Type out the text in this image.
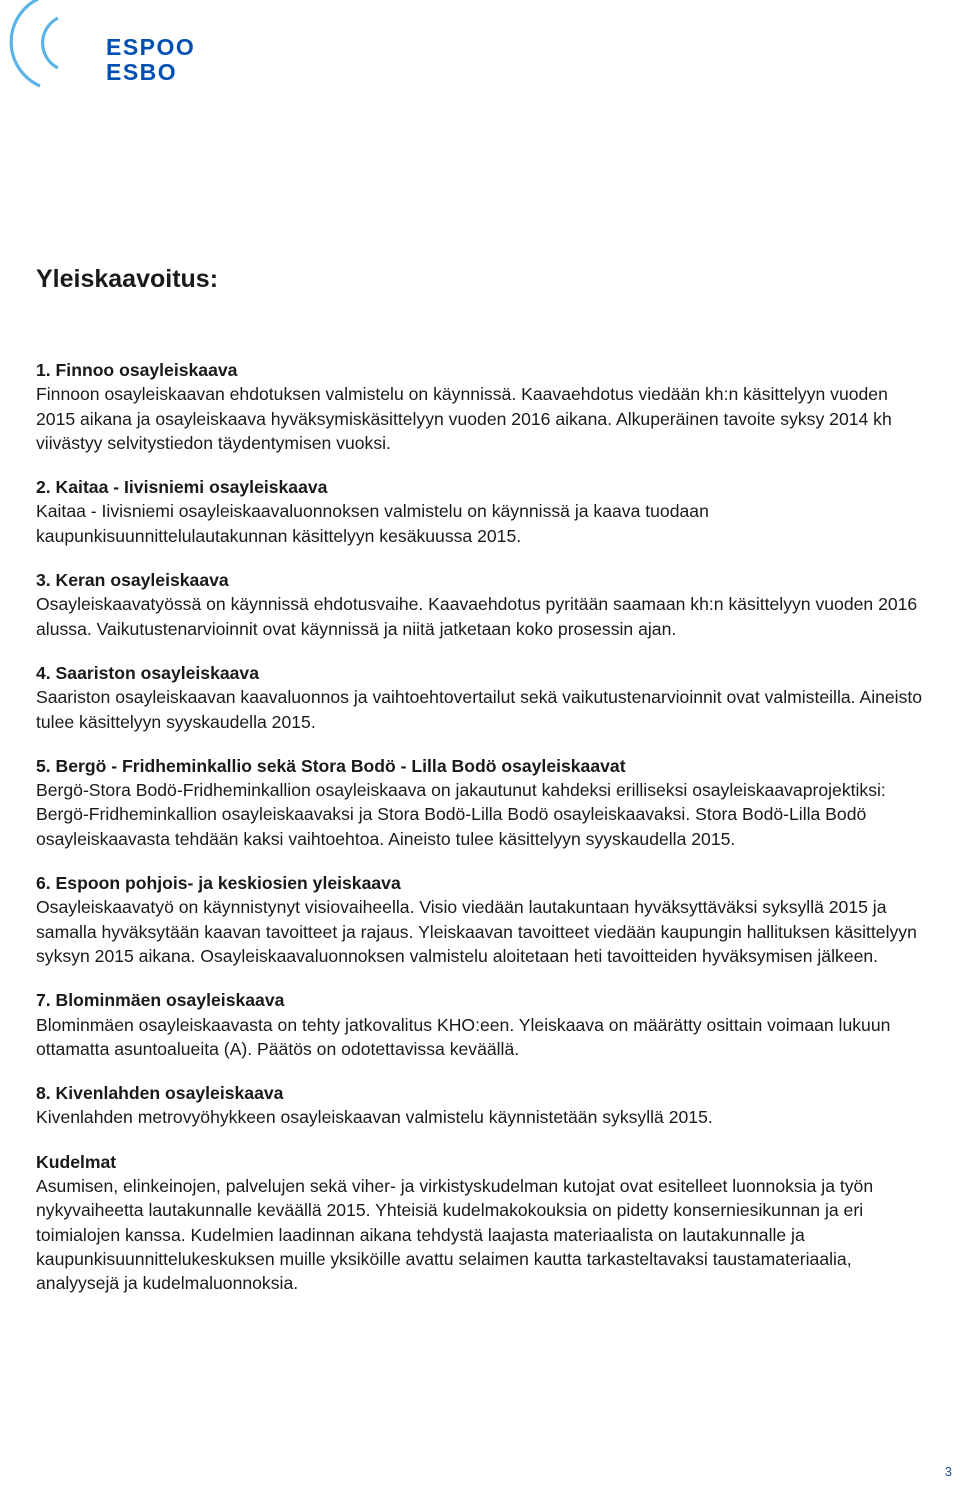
ESPOO
ESBO
Yleiskaavoitus:
1. Finnoo osayleiskaava
Finnoon osayleiskaavan ehdotuksen valmistelu on käynnissä. Kaavaehdotus viedään kh:n käsittelyyn vuoden 2015 aikana ja osayleiskaava hyväksymiskäsittelyyn vuoden 2016 aikana. Alkuperäinen tavoite syksy 2014 kh viivästyy selvitystiedon täydentymisen vuoksi.
2. Kaitaa - Iivisniemi osayleiskaava
Kaitaa - Iivisniemi osayleiskaavaluonnoksen valmistelu on käynnissä ja kaava tuodaan kaupunkisuunnittelulautakunnan käsittelyyn kesäkuussa 2015.
3. Keran osayleiskaava
Osayleiskaavatyössä on käynnissä ehdotusvaihe. Kaavaehdotus pyritään saamaan kh:n käsittelyyn vuoden 2016 alussa. Vaikutustenarvioinnit ovat käynnissä ja niitä jatketaan koko prosessin ajan.
4. Saariston osayleiskaava
Saariston osayleiskaavan kaavaluonnos ja vaihtoehtovertailut sekä vaikutustenarvioinnit ovat valmisteilla. Aineisto tulee käsittelyyn syyskaudella 2015.
5. Bergö - Fridheminkallio sekä Stora Bodö - Lilla Bodö osayleiskaavat
Bergö-Stora Bodö-Fridheminkallion osayleiskaava on jakautunut kahdeksi erilliseksi osayleiskaavaprojektiksi: Bergö-Fridheminkallion osayleiskaavaksi ja Stora Bodö-Lilla Bodö osayleiskaavaksi. Stora Bodö-Lilla Bodö osayleiskaavasta tehdään kaksi vaihtoehtoa. Aineisto tulee käsittelyyn syyskaudella 2015.
6. Espoon pohjois- ja keskiosien yleiskaava
Osayleiskaavatyö on käynnistynyt visiovaiheella. Visio viedään lautakuntaan hyväksyttäväksi syksyllä 2015 ja samalla hyväksytään kaavan tavoitteet ja rajaus. Yleiskaavan tavoitteet viedään kaupungin hallituksen käsittelyyn syksyn 2015 aikana. Osayleiskaavaluonnoksen valmistelu aloitetaan heti tavoitteiden hyväksymisen jälkeen.
7. Blominmäen osayleiskaava
Blominmäen osayleiskaavasta on tehty jatkovalitus KHO:een. Yleiskaava on määrätty osittain voimaan lukuun ottamatta asuntoalueita (A). Päätös on odotettavissa keväällä.
8. Kivenlahden osayleiskaava
Kivenlahden metrovyöhykkeen osayleiskaavan valmistelu käynnistetään syksyllä 2015.
Kudelmat
Asumisen, elinkeinojen, palvelujen sekä viher- ja virkistyskudelman kutojat ovat esitelleet luonnoksia ja työn nykyvaiheetta lautakunnalle keväällä 2015. Yhteisiä kudelmakokouksia on pidetty konserniesikunnan ja eri toimialojen kanssa. Kudelmien laadinnan aikana tehdystä laajasta materiaalista on lautakunnalle ja kaupunkisuunnittelukeskuksen muille yksiköille avattu selaimen kautta tarkasteltavaksi taustamateriaalia, analyysejä ja kudelmaluonnoksia.
3
